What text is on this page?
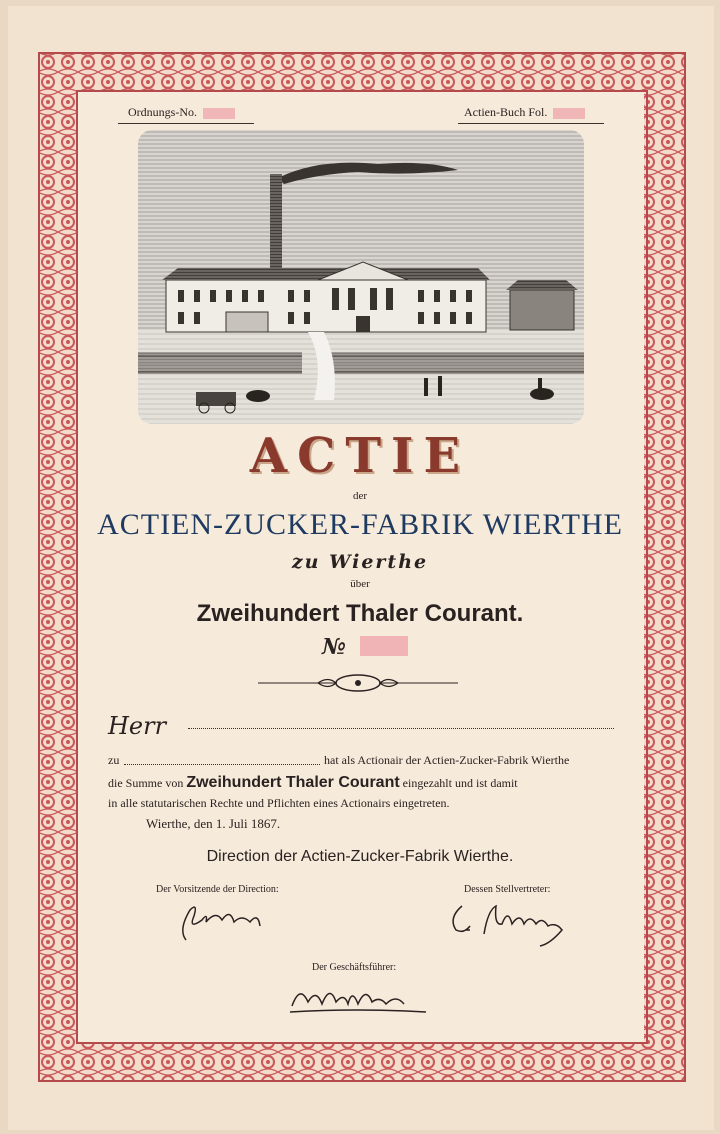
Ordnungs-No.	Actien-Buch Fol.
ACTIE
der
ACTIEN-ZUCKER-FABRIK WIERTHE
zu Wierthe
über
Zweihundert Thaler Courant.
№
Herr
zu	hat als Actionair der Actien-Zucker-Fabrik Wierthe
die Summe von Zweihundert Thaler Courant eingezahlt und ist damit
in alle statutarischen Rechte und Pflichten eines Actionairs eingetreten.
Wierthe, den 1. Juli 1867.
Direction der Actien-Zucker-Fabrik Wierthe.
Der Vorsitzende der Direction:	Dessen Stellvertreter:
Der Geschäftsführer:
